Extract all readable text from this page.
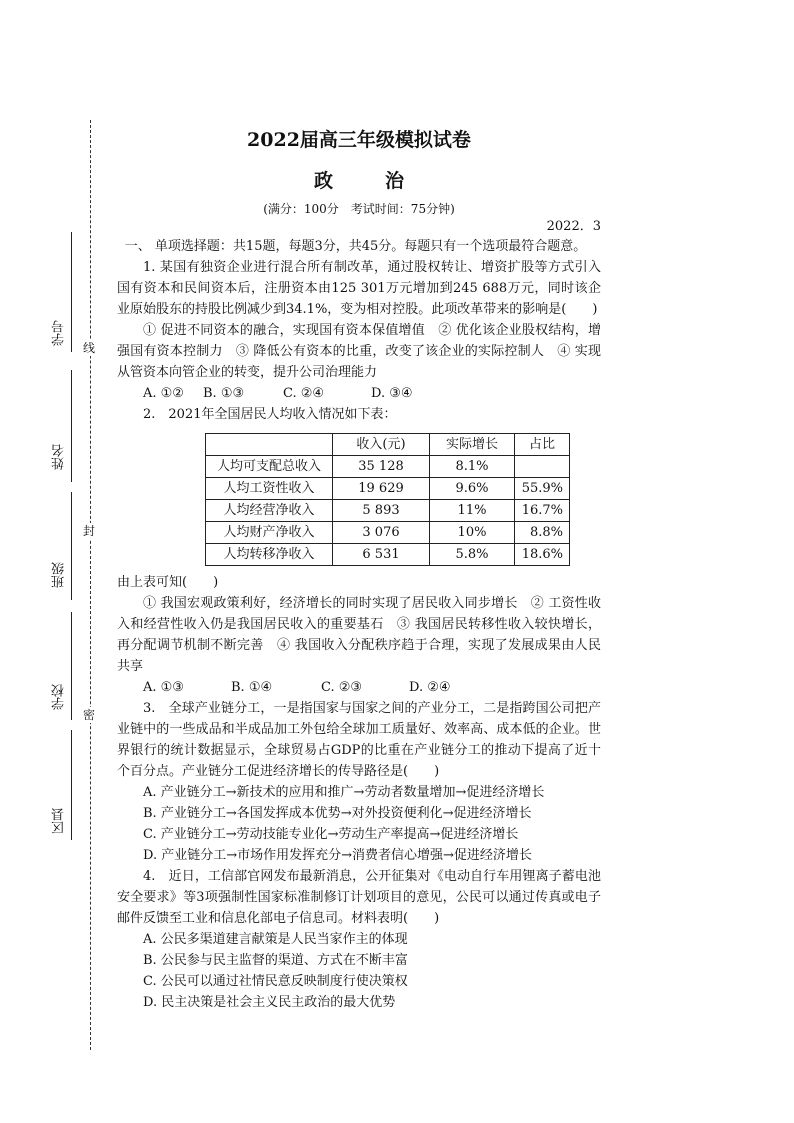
线
封
密
学号
姓名
班级
学校
区县
2022届高三年级模拟试卷
政	治

(满分：100分　考试时间：75分钟)

2022．3

一、 单项选择题：共15题，每题3分，共45分。每题只有一个选项最符合题意。

1. 某国有独资企业进行混合所有制改革，通过股权转让、增资扩股等方式引入国有资本和民间资本后，注册资本由125 301万元增加到245 688万元，同时该企业原始股东的持股比例减少到34.1%，变为相对控股。此项改革带来的影响是(　　)

① 促进不同资本的融合，实现国有资本保值增值　② 优化该企业股权结构，增强国有资本控制力　③ 降低公有资本的比重，改变了该企业的实际控制人　④ 实现从管资本向管企业的转变，提升公司治理能力

A. ①② B. ①③	C. ②④	D. ③④

2.　2021年全国居民人均收入情况如下表：

	收入(元)	实际增长	占比
人均可支配总收入	35 128	8.1%	
人均工资性收入	19 629	9.6%	55.9%
人均经营净收入	5 893	11%	16.7%
人均财产净收入	3 076	10%	8.8%
人均转移净收入	6 531	5.8%	18.6%

由上表可知(　　)

① 我国宏观政策利好，经济增长的同时实现了居民收入同步增长　② 工资性收入和经营性收入仍是我国居民收入的重要基石　③ 我国居民转移性收入较快增长，再分配调节机制不断完善　④ 我国收入分配秩序趋于合理，实现了发展成果由人民共享

A. ①③	B. ①④	C. ②③	D. ②④

3.　全球产业链分工，一是指国家与国家之间的产业分工，二是指跨国公司把产业链中的一些成品和半成品加工外包给全球加工质量好、效率高、成本低的企业。世界银行的统计数据显示，全球贸易占GDP的比重在产业链分工的推动下提高了近十个百分点。产业链分工促进经济增长的传导路径是(　　)

A. 产业链分工→新技术的应用和推广→劳动者数量增加→促进经济增长

B. 产业链分工→各国发挥成本优势→对外投资便利化→促进经济增长

C. 产业链分工→劳动技能专业化→劳动生产率提高→促进经济增长

D. 产业链分工→市场作用发挥充分→消费者信心增强→促进经济增长

4.　近日，工信部官网发布最新消息，公开征集对《电动自行车用锂离子蓄电池安全要求》等3项强制性国家标准制修订计划项目的意见，公民可以通过传真或电子邮件反馈至工业和信息化部电子信息司。材料表明(　　)

A. 公民多渠道建言献策是人民当家作主的体现

B. 公民参与民主监督的渠道、方式在不断丰富

C. 公民可以通过社情民意反映制度行使决策权

D. 民主决策是社会主义民主政治的最大优势
